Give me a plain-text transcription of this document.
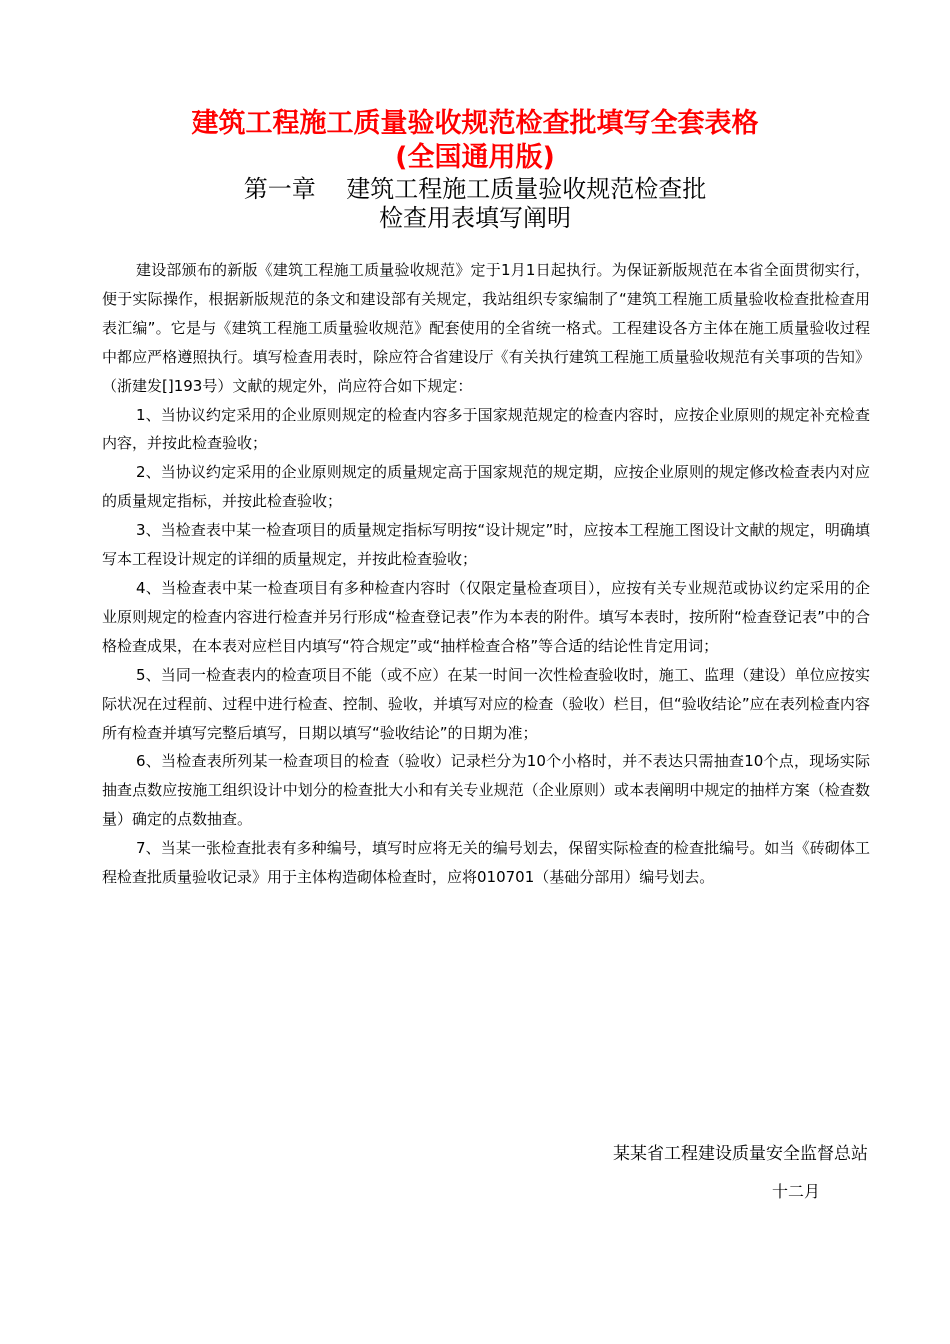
建筑工程施工质量验收规范检查批填写全套表格
(全国通用版)
第一章    建筑工程施工质量验收规范检查批
检查用表填写阐明

建设部颁布的新版《建筑工程施工质量验收规范》定于1月1日起执行。为保证新版规范在本省全面贯彻实行，便于实际操作，根据新版规范的条文和建设部有关规定，我站组织专家编制了“建筑工程施工质量验收检查批检查用表汇编”。它是与《建筑工程施工质量验收规范》配套使用的全省统一格式。工程建设各方主体在施工质量验收过程中都应严格遵照执行。填写检查用表时，除应符合省建设厅《有关执行建筑工程施工质量验收规范有关事项的告知》（浙建发[]193号）文献的规定外，尚应符合如下规定：

1、当协议约定采用的企业原则规定的检查内容多于国家规范规定的检查内容时，应按企业原则的规定补充检查内容，并按此检查验收；

2、当协议约定采用的企业原则规定的质量规定高于国家规范的规定期，应按企业原则的规定修改检查表内对应的质量规定指标，并按此检查验收；

3、当检查表中某一检查项目的质量规定指标写明按“设计规定”时，应按本工程施工图设计文献的规定，明确填写本工程设计规定的详细的质量规定，并按此检查验收；

4、当检查表中某一检查项目有多种检查内容时（仅限定量检查项目），应按有关专业规范或协议约定采用的企业原则规定的检查内容进行检查并另行形成“检查登记表”作为本表的附件。填写本表时，按所附“检查登记表”中的合格检查成果，在本表对应栏目内填写“符合规定”或“抽样检查合格”等合适的结论性肯定用词；

5、当同一检查表内的检查项目不能（或不应）在某一时间一次性检查验收时，施工、监理（建设）单位应按实际状况在过程前、过程中进行检查、控制、验收，并填写对应的检查（验收）栏目，但“验收结论”应在表列检查内容所有检查并填写完整后填写，日期以填写“验收结论”的日期为准；

6、当检查表所列某一检查项目的检查（验收）记录栏分为10个小格时，并不表达只需抽查10个点，现场实际抽查点数应按施工组织设计中划分的检查批大小和有关专业规范（企业原则）或本表阐明中规定的抽样方案（检查数量）确定的点数抽查。

7、当某一张检查批表有多种编号，填写时应将无关的编号划去，保留实际检查的检查批编号。如当《砖砌体工程检查批质量验收记录》用于主体构造砌体检查时，应将010701（基础分部用）编号划去。

某某省工程建设质量安全监督总站
十二月
